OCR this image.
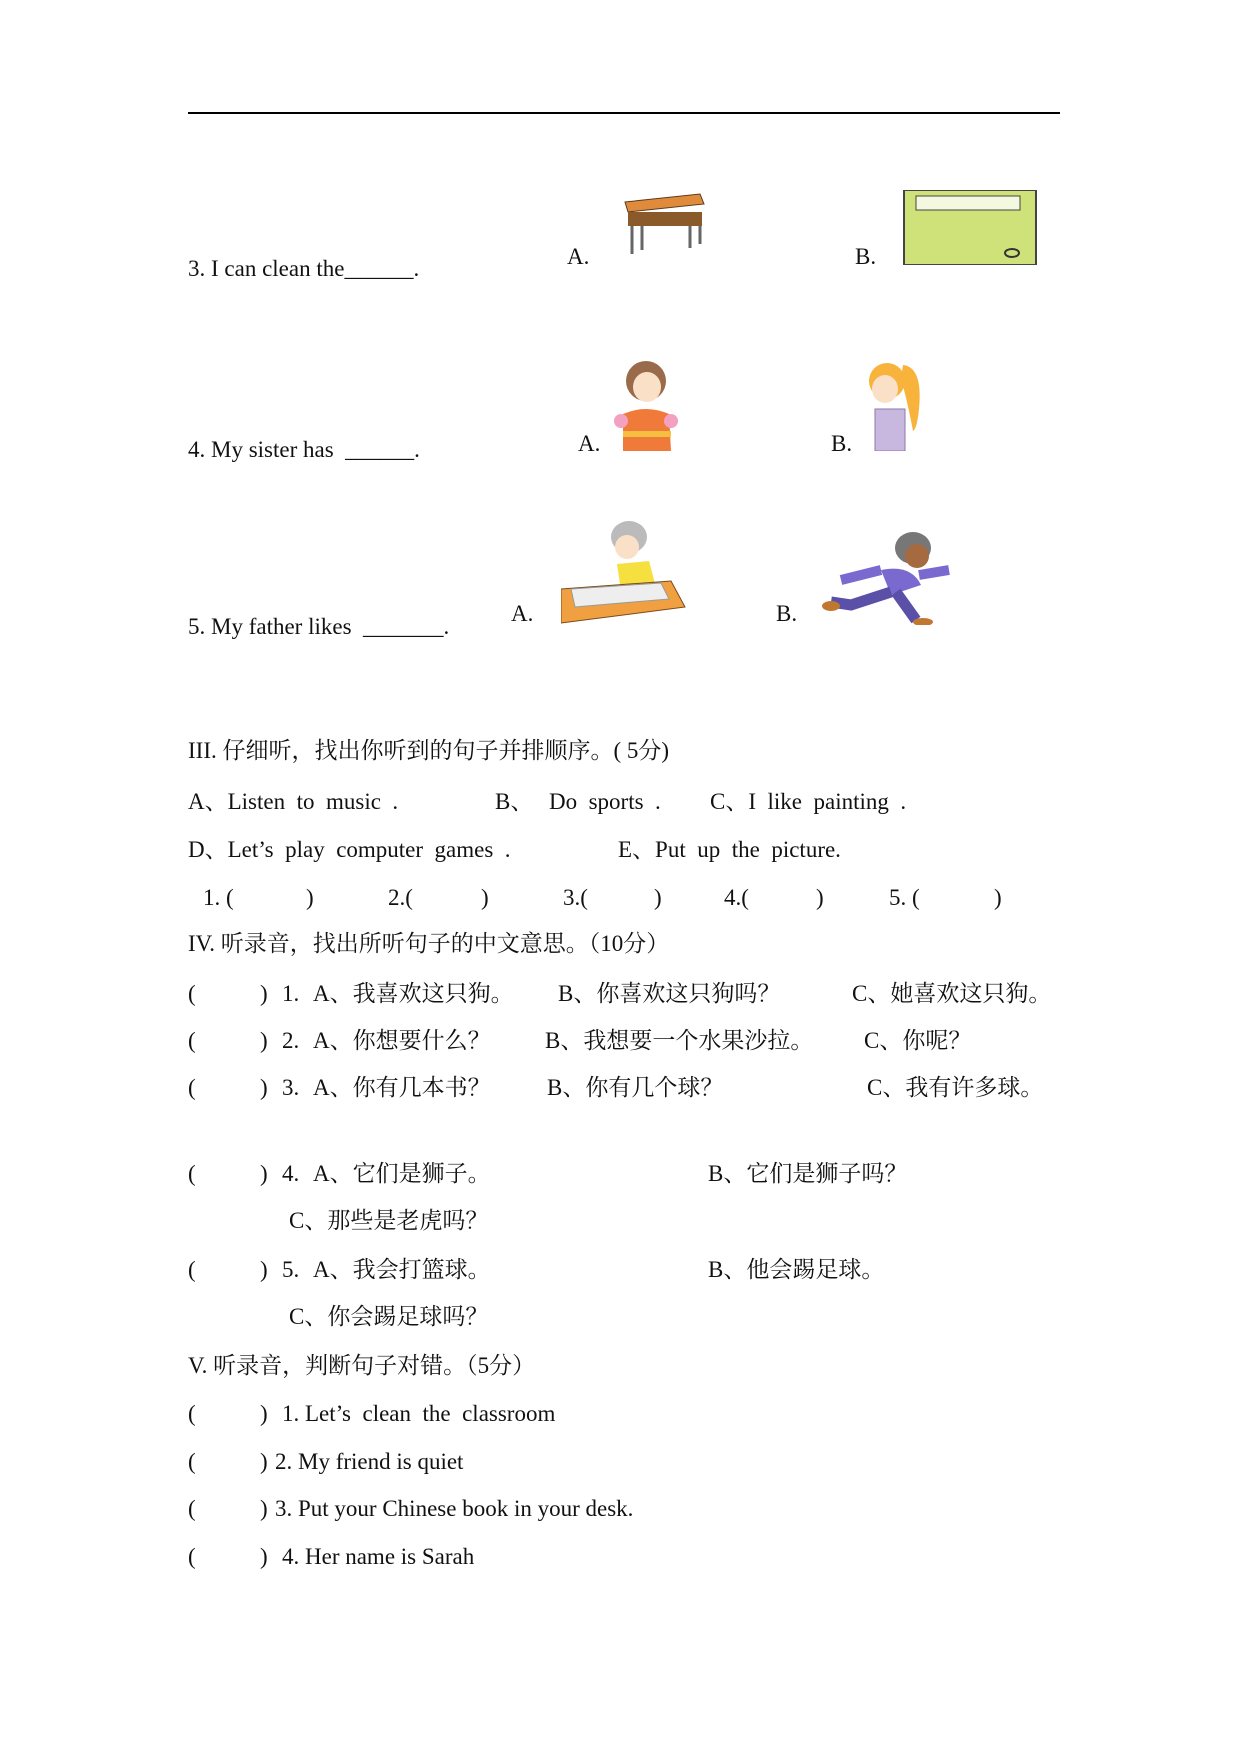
3. I can clean the______.	A.	B.
4. My sister has  ______.	A.	B.
5. My father likes  _______.
A.	B.
III. 仔细听，找出你听到的句子并排顺序。( 5分)
A、Listen  to  music  .	B、 Do  sports  . C、I  like  painting  .
D、Let’s  play  computer  games  .	E、Put  up  the  picture.
1. (	)	2.(	)	3.(	)	4.(	)	5. (	)
IV. 听录音，找出所听句子的中文意思。（10分）
(	) 1. A、我喜欢这只狗。 B、你喜欢这只狗吗？	C、她喜欢这只狗。
(	) 2. A、你想要什么？ B、我想要一个水果沙拉。 C、你呢？
(	) 3. A、你有几本书？ B、你有几个球？	C、我有许多球。
(	) 4. A、它们是狮子。	B、它们是狮子吗？
C、那些是老虎吗？
(	) 5. A、我会打篮球。	B、他会踢足球。
C、你会踢足球吗？
V. 听录音，判断句子对错。（5分）
(	) 1. Let’s  clean  the  classroom
(	) 2. My friend is quiet
(	) 3. Put your Chinese book in your desk.
(	) 4. Her name is Sarah
